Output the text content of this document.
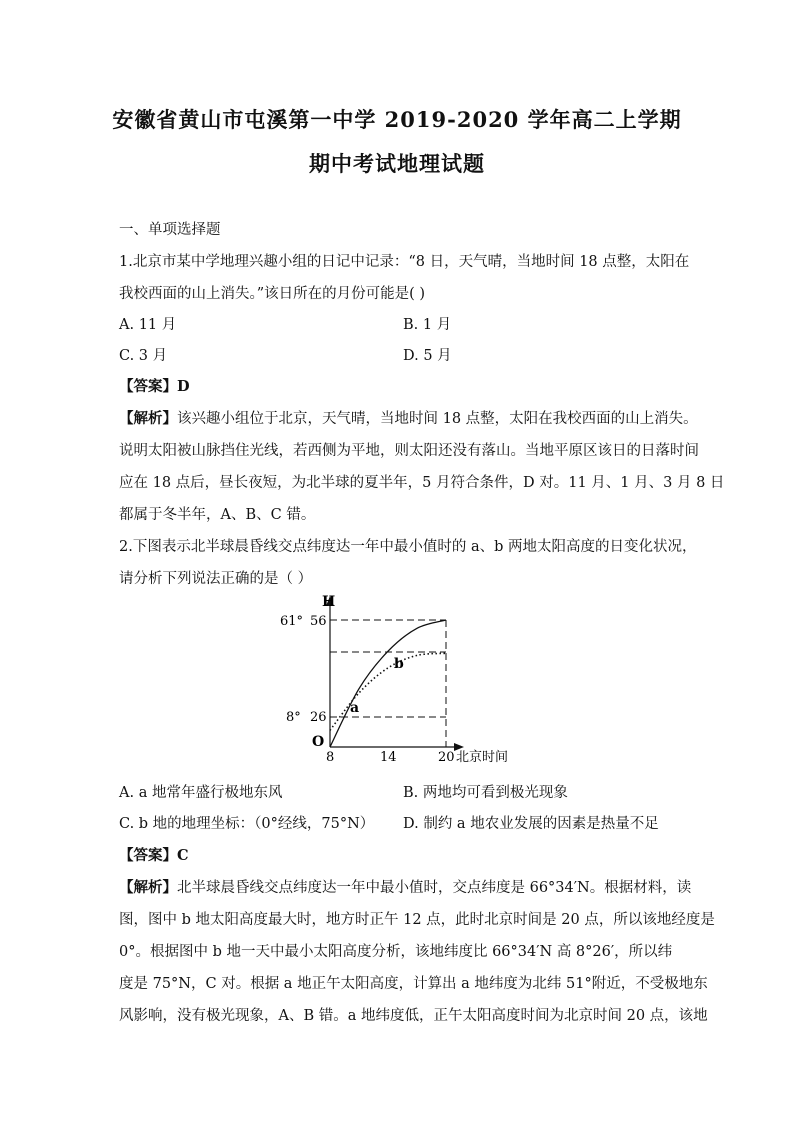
安徽省黄山市屯溪第一中学 2019-2020 学年高二上学期
期中考试地理试题
一、单项选择题
1.北京市某中学地理兴趣小组的日记中记录：“8 日，天气晴，当地时间 18 点整，太阳在
我校西面的山上消失。”该日所在的月份可能是( )
A. 11 月	B. 1 月
C. 3 月	D. 5 月
【答案】D
【解析】该兴趣小组位于北京，天气晴，当地时间 18 点整，太阳在我校西面的山上消失。
说明太阳被山脉挡住光线，若西侧为平地，则太阳还没有落山。当地平原区该日的日落时间
应在 18 点后，昼长夜短，为北半球的夏半年，5 月符合条件，D 对。11 月、1 月、3 月 8 日
都属于冬半年，A、B、C 错。
2.下图表示北半球晨昏线交点纬度达一年中最小值时的 a、b 两地太阳高度的日变化状况，
请分析下列说法正确的是（ ）
H
O
61° 56
8° 26
8	14	20 北京时间
a
b
A. a 地常年盛行极地东风	B. 两地均可看到极光现象
C. b 地的地理坐标：（0°经线，75°N） D. 制约 a 地农业发展的因素是热量不足
【答案】C
【解析】北半球晨昏线交点纬度达一年中最小值时，交点纬度是 66°34′N。根据材料，读
图，图中 b 地太阳高度最大时，地方时正午 12 点，此时北京时间是 20 点，所以该地经度是
0°。根据图中 b 地一天中最小太阳高度分析，该地纬度比 66°34′N 高 8°26′，所以纬
度是 75°N，C 对。根据 a 地正午太阳高度，计算出 a 地纬度为北纬 51°附近，不受极地东
风影响，没有极光现象，A、B 错。a 地纬度低，正午太阳高度时间为北京时间 20 点，该地
